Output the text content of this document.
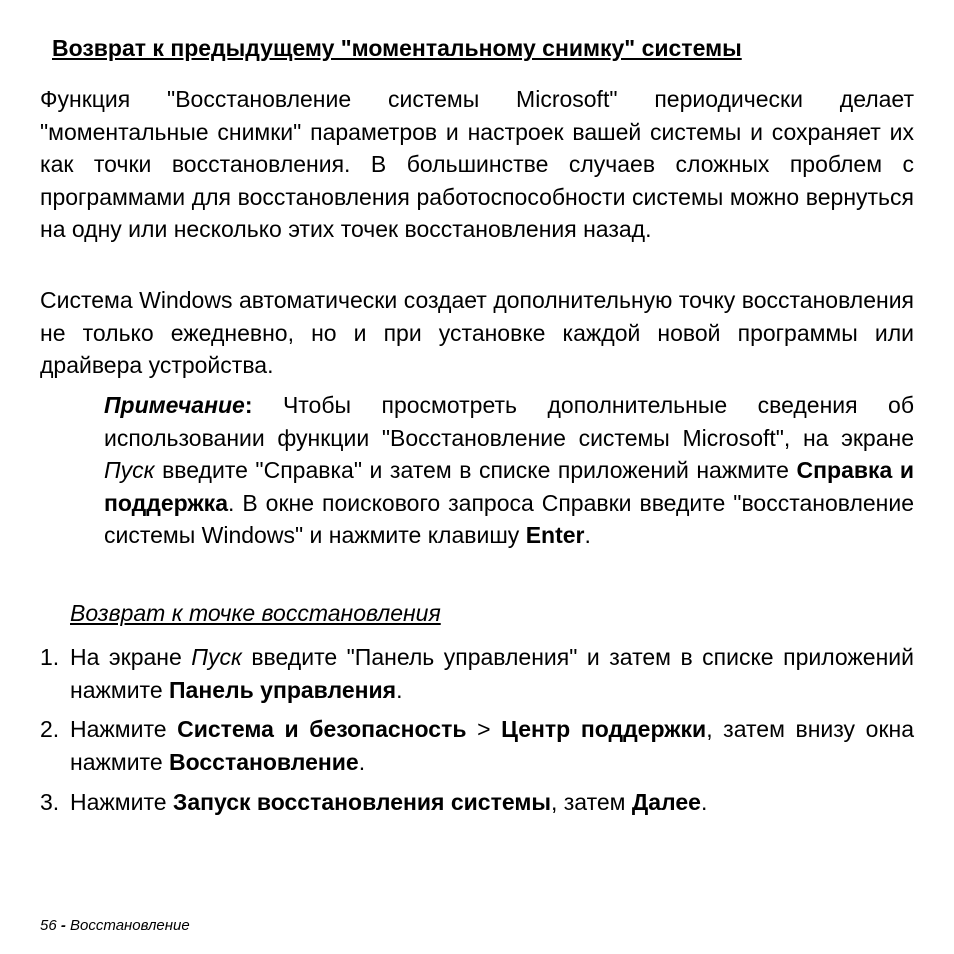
Возврат к предыдущему "моментальному снимку" системы

Функция "Восстановление системы Microsoft" периодически делает "моментальные снимки" параметров и настроек вашей системы и сохраняет их как точки восстановления. В большинстве случаев сложных проблем с программами для восстановления работоспособности системы можно вернуться на одну или несколько этих точек восстановления назад.

Система Windows автоматически создает дополнительную точку восстановления не только ежедневно, но и при установке каждой новой программы или драйвера устройства.

Примечание: Чтобы просмотреть дополнительные сведения об использовании функции "Восстановление системы Microsoft", на экране Пуск введите "Справка" и затем в списке приложений нажмите Справка и поддержка. В окне поискового запроса Справки введите "восстановление системы Windows" и нажмите клавишу Enter.

Возврат к точке восстановления

1. На экране Пуск введите "Панель управления" и затем в списке приложений нажмите Панель управления.
2. Нажмите Система и безопасность > Центр поддержки, затем внизу окна нажмите Восстановление.
3. Нажмите Запуск восстановления системы, затем Далее.
56 - Восстановление
